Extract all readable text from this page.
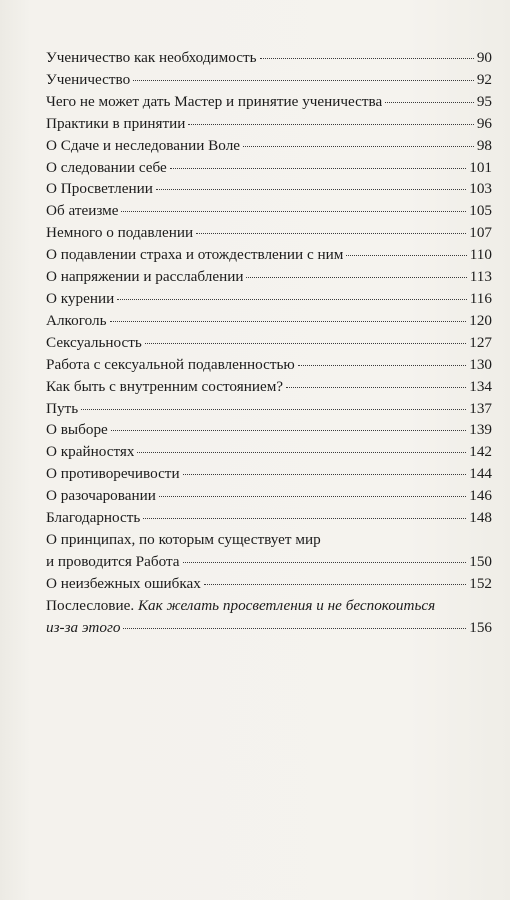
Ученичество как необходимость	90
Ученичество	92
Чего не может дать Мастер и принятие ученичества	95
Практики в принятии	96
О Сдаче и неследовании Воле	98
О следовании себе	101
О Просветлении	103
Об атеизме	105
Немного о подавлении	107
О подавлении страха и отождествлении с ним	110
О напряжении и расслаблении	113
О курении	116
Алкоголь	120
Сексуальность	127
Работа с сексуальной подавленностью	130
Как быть с внутренним состоянием?	134
Путь	137
О выборе	139
О крайностях	142
О противоречивости	144
О разочаровании	146
Благодарность	148
О принципах, по которым существует мир
и проводится Работа	150
О неизбежных ошибках	152
Послесловие. Как желать просветления и не беспокоиться
из-за этого	156
